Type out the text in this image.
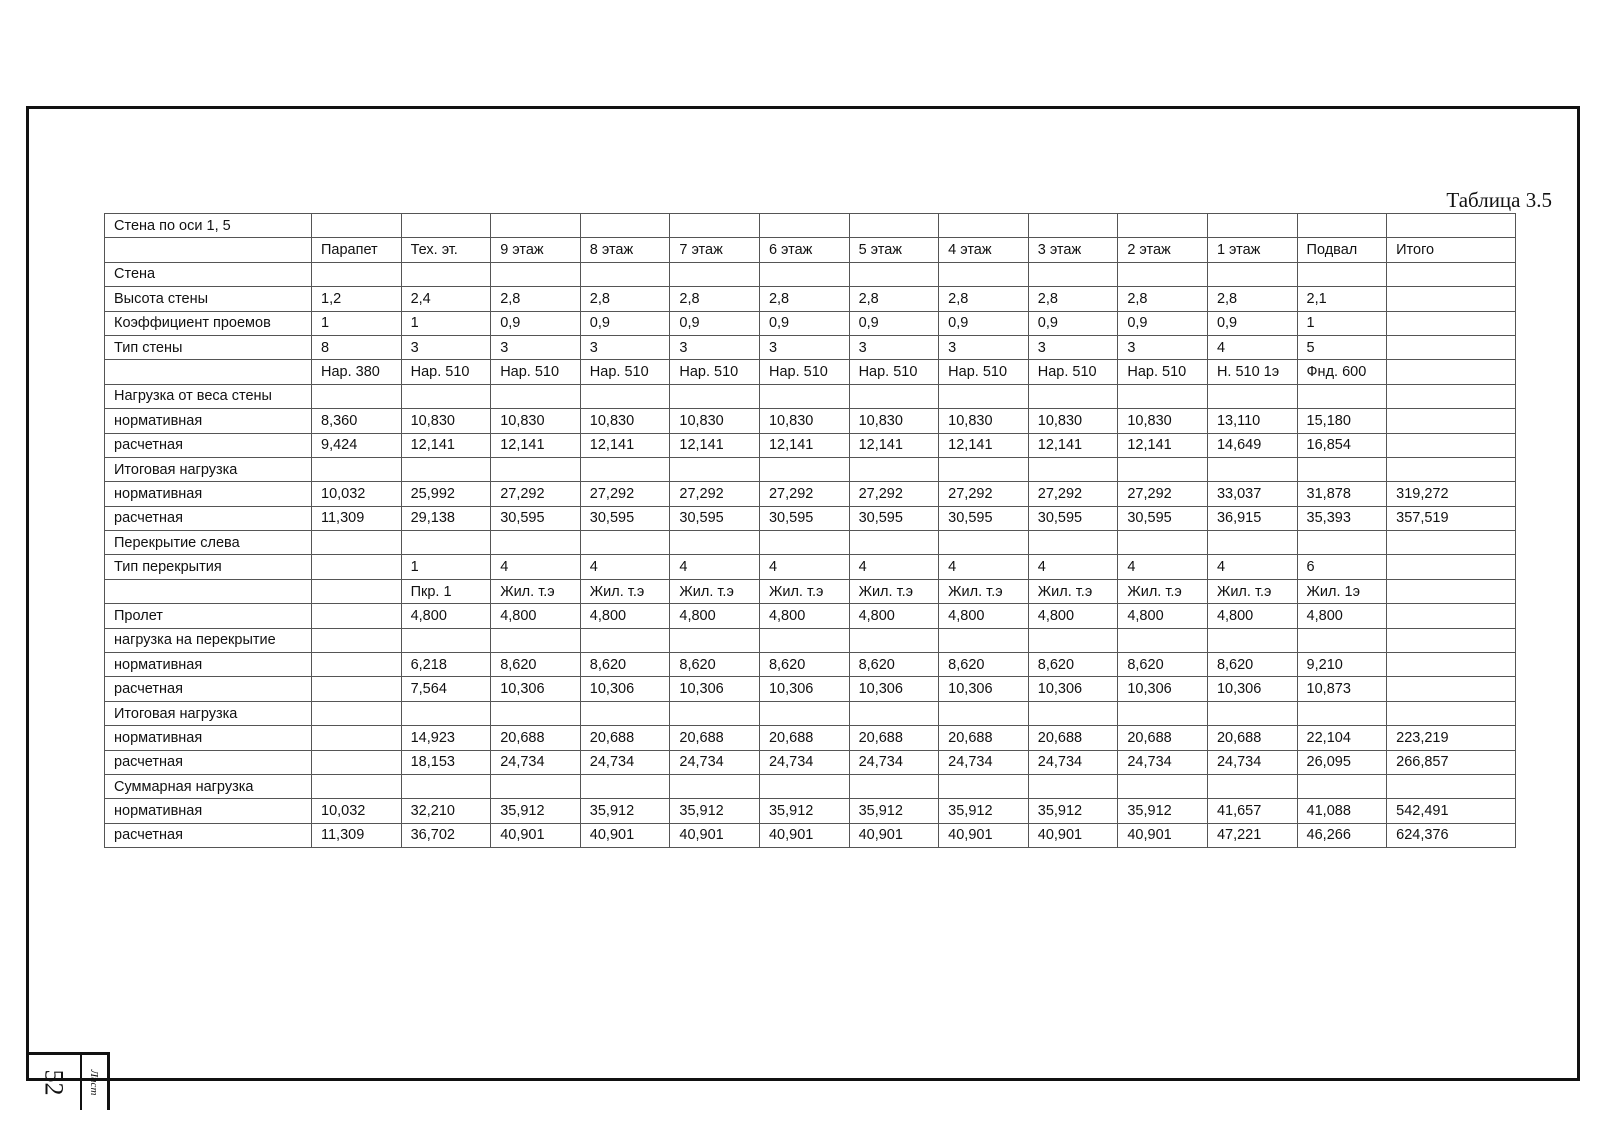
Таблица 3.5
Стена по оси 1, 5													
	Парапет	Тех. эт.	9 этаж	8 этаж	7 этаж	6 этаж	5 этаж	4 этаж	3 этаж	2 этаж	1 этаж	Подвал	Итого
Стена													
Высота стены	1,2	2,4	2,8	2,8	2,8	2,8	2,8	2,8	2,8	2,8	2,8	2,1	
Коэффициент проемов	1	1	0,9	0,9	0,9	0,9	0,9	0,9	0,9	0,9	0,9	1	
Тип стены	8	3	3	3	3	3	3	3	3	3	4	5	
	Нар. 380	Нар. 510	Нар. 510	Нар. 510	Нар. 510	Нар. 510	Нар. 510	Нар. 510	Нар. 510	Нар. 510	Н. 510 1э	Фнд. 600	
Нагрузка от веса стены													
нормативная	8,360	10,830	10,830	10,830	10,830	10,830	10,830	10,830	10,830	10,830	13,110	15,180	
расчетная	9,424	12,141	12,141	12,141	12,141	12,141	12,141	12,141	12,141	12,141	14,649	16,854	
Итоговая нагрузка													
нормативная	10,032	25,992	27,292	27,292	27,292	27,292	27,292	27,292	27,292	27,292	33,037	31,878	319,272
расчетная	11,309	29,138	30,595	30,595	30,595	30,595	30,595	30,595	30,595	30,595	36,915	35,393	357,519
Перекрытие слева													
Тип перекрытия		1	4	4	4	4	4	4	4	4	4	6	
		Пкр. 1	Жил. т.э	Жил. т.э	Жил. т.э	Жил. т.э	Жил. т.э	Жил. т.э	Жил. т.э	Жил. т.э	Жил. т.э	Жил. 1э	
Пролет		4,800	4,800	4,800	4,800	4,800	4,800	4,800	4,800	4,800	4,800	4,800	
нагрузка на перекрытие													
нормативная		6,218	8,620	8,620	8,620	8,620	8,620	8,620	8,620	8,620	8,620	9,210	
расчетная		7,564	10,306	10,306	10,306	10,306	10,306	10,306	10,306	10,306	10,306	10,873	
Итоговая нагрузка													
нормативная		14,923	20,688	20,688	20,688	20,688	20,688	20,688	20,688	20,688	20,688	22,104	223,219
расчетная		18,153	24,734	24,734	24,734	24,734	24,734	24,734	24,734	24,734	24,734	26,095	266,857
Суммарная нагрузка													
нормативная	10,032	32,210	35,912	35,912	35,912	35,912	35,912	35,912	35,912	35,912	41,657	41,088	542,491
расчетная	11,309	36,702	40,901	40,901	40,901	40,901	40,901	40,901	40,901	40,901	47,221	46,266	624,376
52	Лист
